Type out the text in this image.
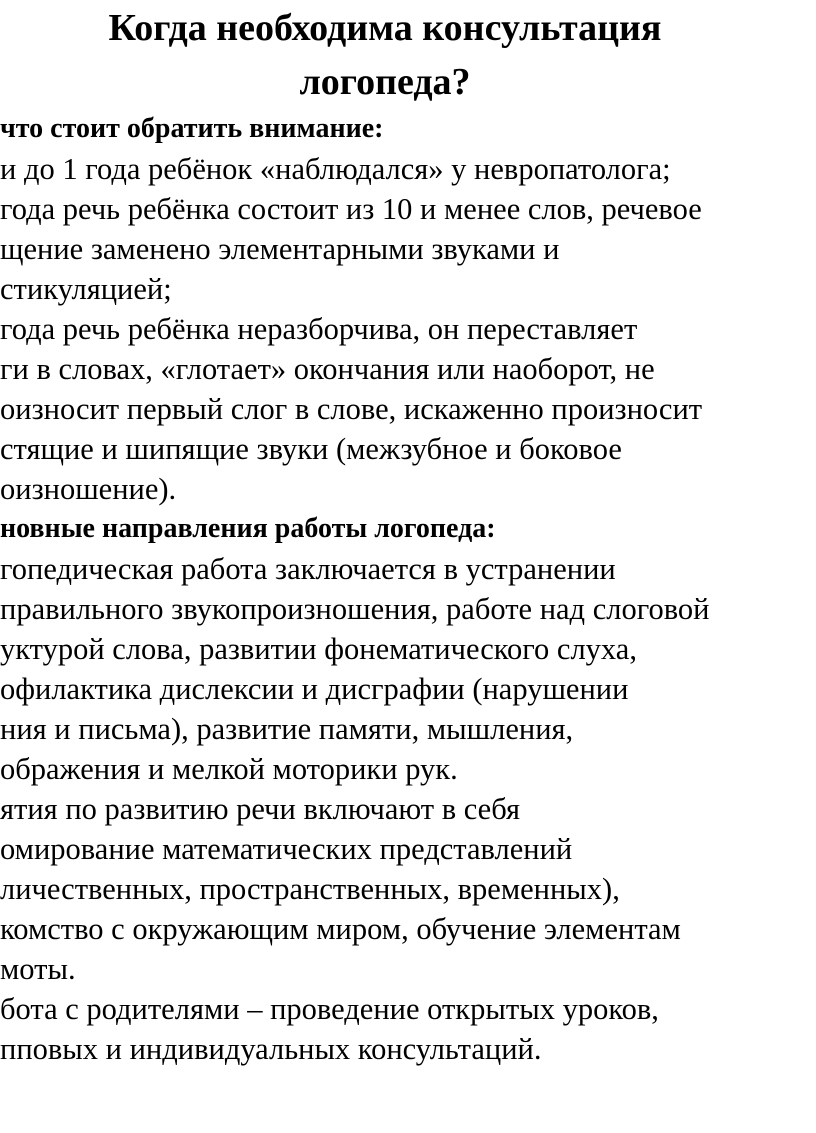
Когда необходима консультация
логопеда?
что стоит обратить внимание:
и до 1 года ребёнок «наблюдался» у невропатолога;
года речь ребёнка состоит из 10 и менее слов, речевое
щение заменено элементарными звуками и
стикуляцией;
года речь ребёнка неразборчива, он переставляет
ги в словах, «глотает» окончания или наоборот, не
оизносит первый слог в слове, искаженно произносит
стящие и шипящие звуки (межзубное и боковое
оизношение).
новные направления работы логопеда:
гопедическая работа заключается в устранении
правильного звукопроизношения, работе над слоговой
уктурой слова, развитии фонематического слуха,
офилактика дислексии и дисграфии (нарушении
ния и письма), развитие памяти, мышления,
ображения и мелкой моторики рук.
ятия по развитию речи включают в себя
омирование математических представлений
личественных, пространственных, временных),
комство с окружающим миром, обучение элементам
моты.
бота с родителями – проведение открытых уроков,
пповых и индивидуальных консультаций.
